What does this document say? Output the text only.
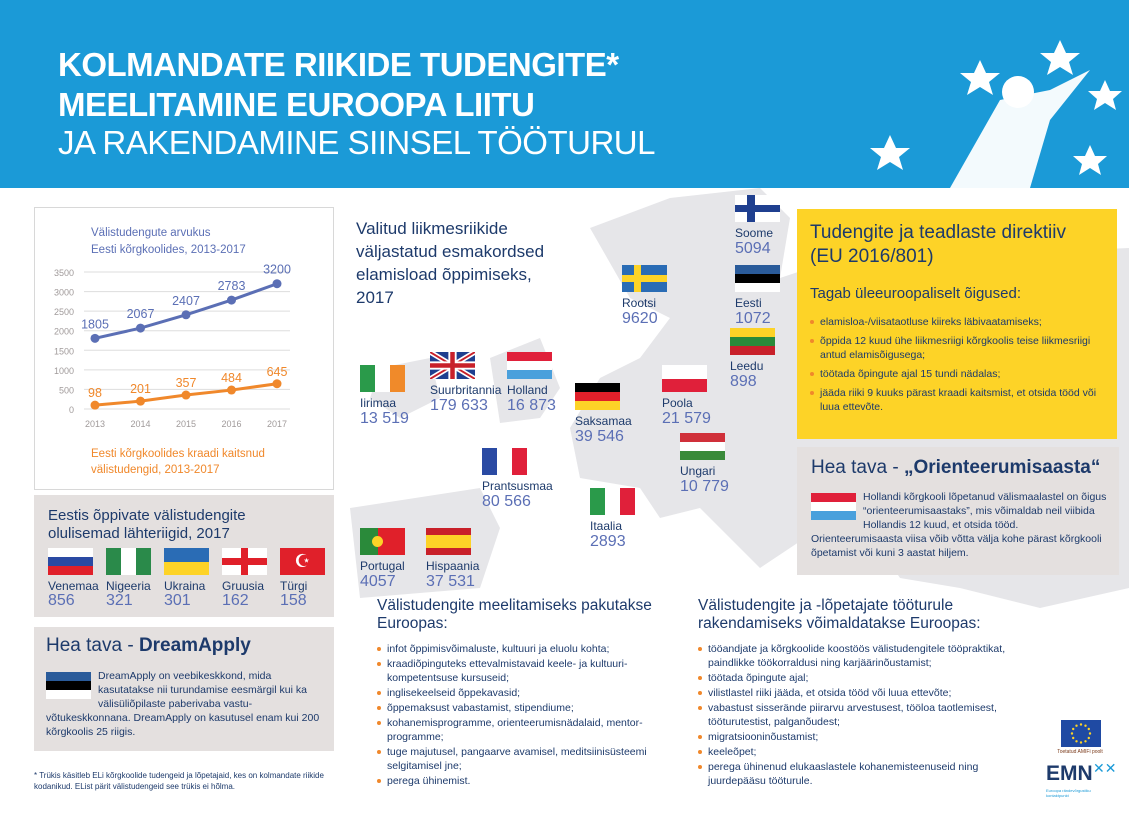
KOLMANDATE RIIKIDE TUDENGITE*
MEELITAMINE EUROOPA LIITU
JA RAKENDAMINE SIINSEL TÖÖTURUL
Valitud liikmesriikide
väljastatud esmakordsed
elamisload õppimiseks,
2017
Soome
5094
Rootsi
9620
Eesti
1072
Leedu
898
Iirimaa
13 519
Suurbritannia
179 633
Holland
16 873
Saksamaa
39 546
Poola
21 579
Ungari
10 779
Prantsusmaa
80 566
Itaalia
2893
Portugal
4057
Hispaania
37 531
Välistudengute arvukus
Eesti kõrgkoolides, 2013-2017
0
500
1000
1500
2000
2500
3000
3500
2013	2014	2015	2016	2017
1805
2067
2407
2783
3200
98 201 357 484 645
Eesti kõrgkoolides kraadi kaitsnud
välistudengid, 2013-2017
Eestis õppivate välistudengite
olulisemad lähteriigid, 2017
Venemaa
856
Nigeeria
321
Ukraina
301
Gruusia
162
☪
Türgi
158
Hea tava - DreamApply
DreamApply on veebikeskkond, mida kasutatakse nii turundamise eesmärgil kui ka välisüliõpilaste paberivaba vastu-võtukeskkonnana. DreamApply on kasutusel enam kui 200 kõrgkoolis 25 riigis.
* Trükis käsitleb ELi kõrgkoolide tudengeid ja lõpetajaid, kes on kolmandate riikide kodanikud. EList pärit välistudengeid see trükis ei hõlma.
Tudengite ja teadlaste direktiiv
(EU 2016/801)
Tagab üleeuroopaliselt õigused:
elamisloa-/viisataotluse kiireks läbivaatamiseks;
õppida 12 kuud ühe liikmesriigi kõrgkoolis teise liikmesriigi antud elamisõigusega;
töötada õpingute ajal 15 tundi nädalas;
jääda riiki 9 kuuks pärast kraadi kaitsmist, et otsida tööd või luua ettevõte.
Hea tava - „Orienteerumisaasta“
Hollandi kõrgkooli lõpetanud välismaalastel on õigus “orienteerumisaastaks”, mis võimaldab neil viibida Hollandis 12 kuud, et otsida tööd. Orienteerumisaasta viisa võib võtta välja kohe pärast kõrgkooli õpetamist või kuni 3 aastat hiljem.
Välistudengite meelitamiseks pakutakse
Euroopas:
infot õppimisvõimaluste, kultuuri ja eluolu kohta;
kraadiõpinguteks ettevalmistavaid keele- ja kultuuri-kompetentsuse kursuseid;
inglisekeelseid õppekavasid;
õppemaksust vabastamist, stipendiume;
kohanemisprogramme, orienteerumisnädalaid, mentor-programme;
tuge majutusel, pangaarve avamisel, meditsiinisüsteemi selgitamisel jne;
perega ühinemist.
Välistudengite ja -lõpetajate tööturule
rakendamiseks võimaldatakse Euroopas:
tööandjate ja kõrgkoolide koostöös välistudengitele tööpraktikat, paindlikke töökorraldusi ning karjäärinõustamist;
töötada õpingute ajal;
vilistlastel riiki jääda, et otsida tööd või luua ettevõte;
vabastust sisserände piirarvu arvestusest, tööloa taotlemisest, tööturutestist, palganõudest;
migratsiooninõustamist;
keeleõpet;
perega ühinenud elukaaslastele kohanemisteenuseid ning juurdepääsu tööturule.
Toetatud AMIFi poolt
EMN ✕✕
Euroopa rändevõrgustiku kontaktpunkt
